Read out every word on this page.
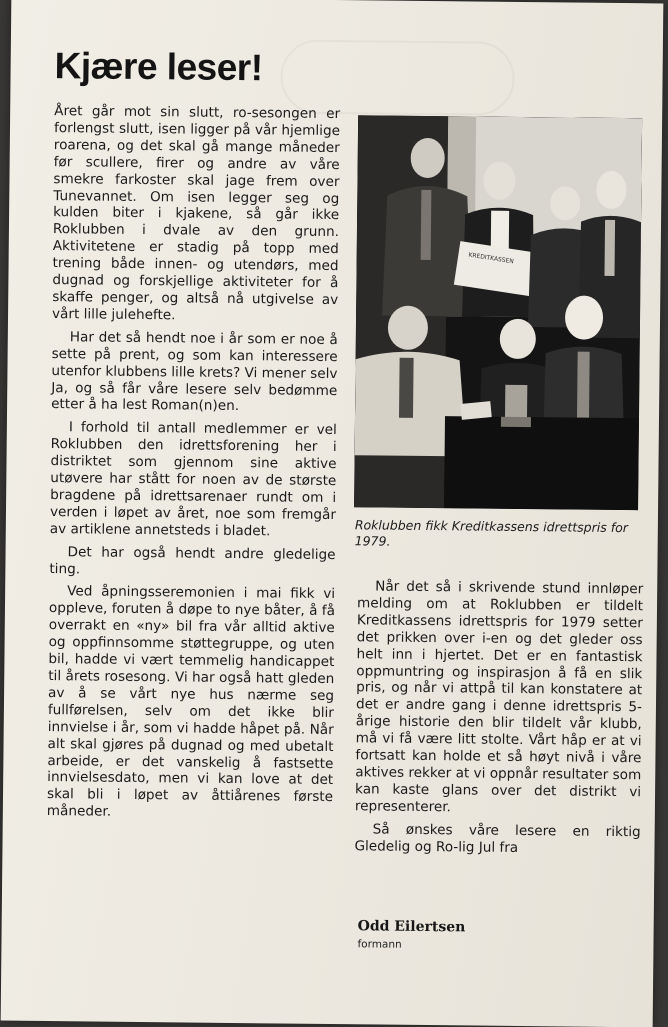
Kjære leser!

Året går mot sin slutt, ro-sesongen er forlengst slutt, isen ligger på vår hjemlige roarena, og det skal gå mange måneder før scullere, firer og andre av våre smekre farkoster skal jage frem over Tunevannet. Om isen legger seg og kulden biter i kjakene, så går ikke Roklubben i dvale av den grunn. Aktivitetene er stadig på topp med trening både innen- og utendørs, med dugnad og forskjellige aktiviteter for å skaffe penger, og altså nå utgivelse av vårt lille julehefte.

Har det så hendt noe i år som er noe å sette på prent, og som kan interessere utenfor klubbens lille krets? Vi mener selv Ja, og så får våre lesere selv bedømme etter å ha lest Roman(n)en.

I forhold til antall medlemmer er vel Roklubben den idrettsforening her i distriktet som gjennom sine aktive utøvere har stått for noen av de største bragdene på idrettsarenaer rundt om i verden i løpet av året, noe som fremgår av artiklene annetsteds i bladet.

Det har også hendt andre gledelige ting.

Ved åpningsseremonien i mai fikk vi oppleve, foruten å døpe to nye båter, å få overrakt en «ny» bil fra vår alltid aktive og oppfinnsomme støttegruppe, og uten bil, hadde vi vært temmelig handicappet til årets rosesong. Vi har også hatt gleden av å se vårt nye hus nærme seg fullførelsen, selv om det ikke blir innvielse i år, som vi hadde håpet på. Når alt skal gjøres på dugnad og med ubetalt arbeide, er det vanskelig å fastsette innvielsesdato, men vi kan love at det skal bli i løpet av åttiårenes første måneder.

KREDITKASSEN
Roklubben fikk Kreditkassens idrettspris for 1979.

Når det så i skrivende stund innløper melding om at Roklubben er tildelt Kreditkassens idrettspris for 1979 setter det prikken over i-en og det gleder oss helt inn i hjertet. Det er en fantastisk oppmuntring og inspirasjon å få en slik pris, og når vi attpå til kan konstatere at det er andre gang i denne idrettspris 5-årige historie den blir tildelt vår klubb, må vi få være litt stolte. Vårt håp er at vi fortsatt kan holde et så høyt nivå i våre aktives rekker at vi oppnår resultater som kan kaste glans over det distrikt vi representerer.

Så ønskes våre lesere en riktig Gledelig og Ro-lig Jul fra

Odd Eilertsen
formann
